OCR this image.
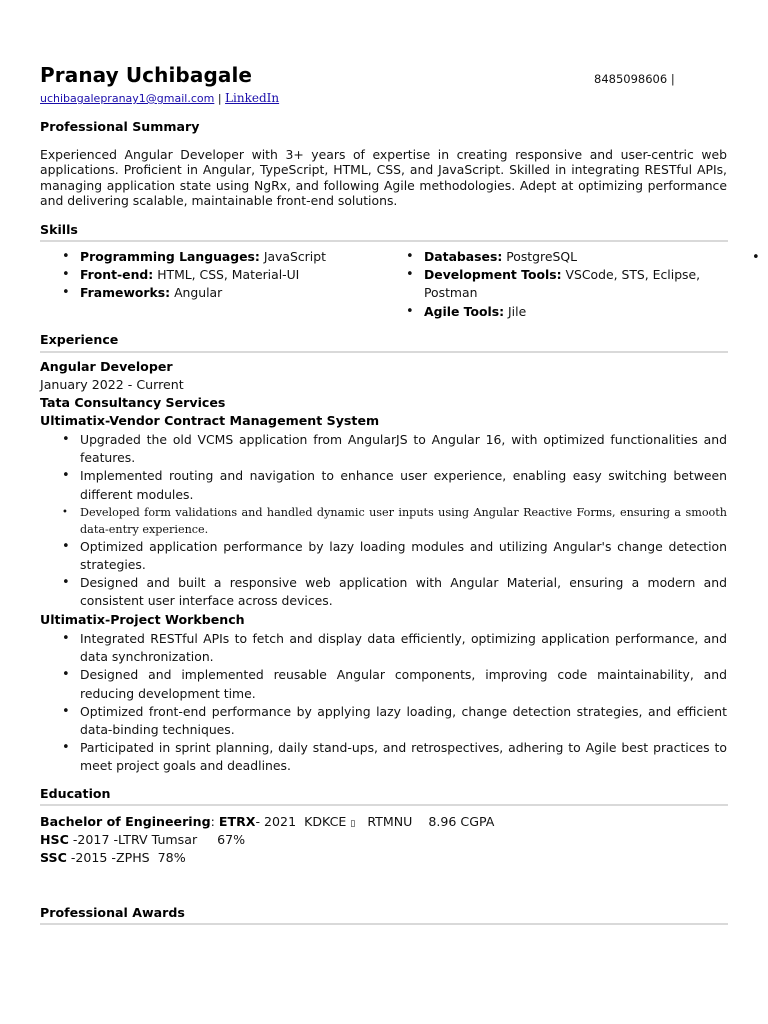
Pranay Uchibagale	8485098606 |
uchibagalepranay1@gmail.com | LinkedIn
Professional Summary
Experienced Angular Developer with 3+ years of expertise in creating responsive and user-centric web applications. Proficient in Angular, TypeScript, HTML, CSS, and JavaScript. Skilled in integrating RESTful APIs, managing application state using NgRx, and following Agile methodologies. Adept at optimizing performance and delivering scalable, maintainable front-end solutions.
Skills
• Programming Languages: JavaScript
• Front-end: HTML, CSS, Material-UI
• Frameworks: Angular
• Databases: PostgreSQL
• Development Tools: VSCode, STS, Eclipse, Postman
• Agile Tools: Jile
•
Experience
Angular Developer
January 2022 - Current
Tata Consultancy Services
Ultimatix-Vendor Contract Management System
• Upgraded the old VCMS application from AngularJS to Angular 16, with optimized functionalities and features.
• Implemented routing and navigation to enhance user experience, enabling easy switching between different modules.
• Developed form validations and handled dynamic user inputs using Angular Reactive Forms, ensuring a smooth data-entry experience.
• Optimized application performance by lazy loading modules and utilizing Angular's change detection strategies.
• Designed and built a responsive web application with Angular Material, ensuring a modern and consistent user interface across devices.
Ultimatix-Project Workbench
• Integrated RESTful APIs to fetch and display data efficiently, optimizing application performance, and data synchronization.
• Designed and implemented reusable Angular components, improving code maintainability, and reducing development time.
• Optimized front-end performance by applying lazy loading, change detection strategies, and efficient data-binding techniques.
• Participated in sprint planning, daily stand-ups, and retrospectives, adhering to Agile best practices to meet project goals and deadlines.
Education
Bachelor of Engineering: ETRX- 2021  KDKCE ▯   RTMNU    8.96 CGPA
HSC -2017 -LTRV Tumsar     67%
SSC -2015 -ZPHS  78%
Professional Awards
